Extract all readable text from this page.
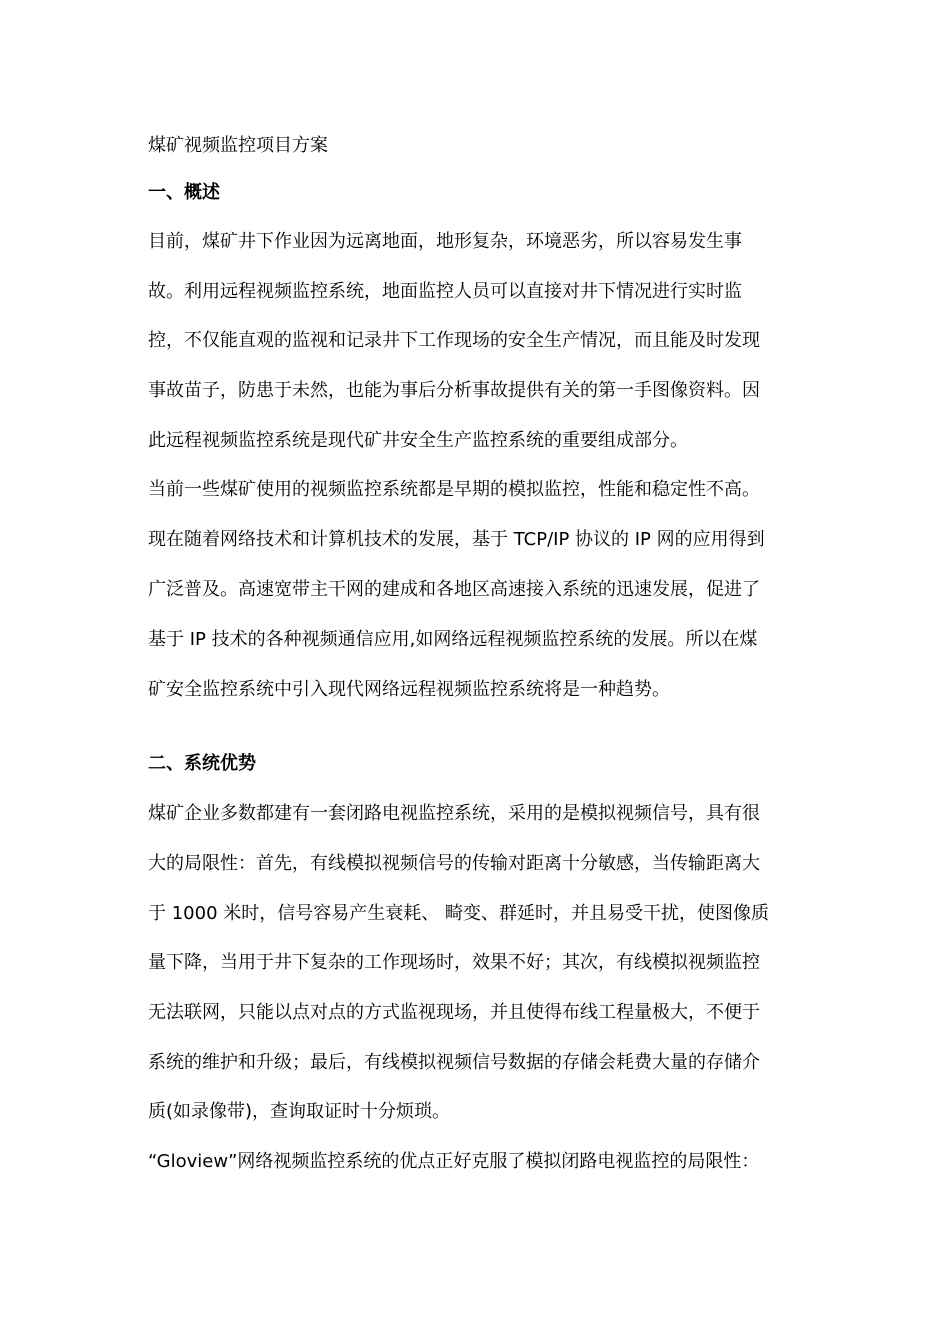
煤矿视频监控项目方案
一、概述
目前，煤矿井下作业因为远离地面，地形复杂，环境恶劣，所以容易发生事
故。利用远程视频监控系统，地面监控人员可以直接对井下情况进行实时监
控，不仅能直观的监视和记录井下工作现场的安全生产情况，而且能及时发现
事故苗子，防患于未然，也能为事后分析事故提供有关的第一手图像资料。因
此远程视频监控系统是现代矿井安全生产监控系统的重要组成部分。
当前一些煤矿使用的视频监控系统都是早期的模拟监控，性能和稳定性不高。
现在随着网络技术和计算机技术的发展，基于 TCP/IP 协议的 IP 网的应用得到
广泛普及。高速宽带主干网的建成和各地区高速接入系统的迅速发展，促进了
基于 IP 技术的各种视频通信应用,如网络远程视频监控系统的发展。所以在煤
矿安全监控系统中引入现代网络远程视频监控系统将是一种趋势。
二、系统优势
煤矿企业多数都建有一套闭路电视监控系统，采用的是模拟视频信号，具有很
大的局限性：首先，有线模拟视频信号的传输对距离十分敏感，当传输距离大
于 1000 米时，信号容易产生衰耗、 畸变、群延时，并且易受干扰，使图像质
量下降，当用于井下复杂的工作现场时，效果不好；其次，有线模拟视频监控
无法联网，只能以点对点的方式监视现场，并且使得布线工程量极大，不便于
系统的维护和升级；最后，有线模拟视频信号数据的存储会耗费大量的存储介
质(如录像带)，查询取证时十分烦琐。
“Gloview”网络视频监控系统的优点正好克服了模拟闭路电视监控的局限性：
